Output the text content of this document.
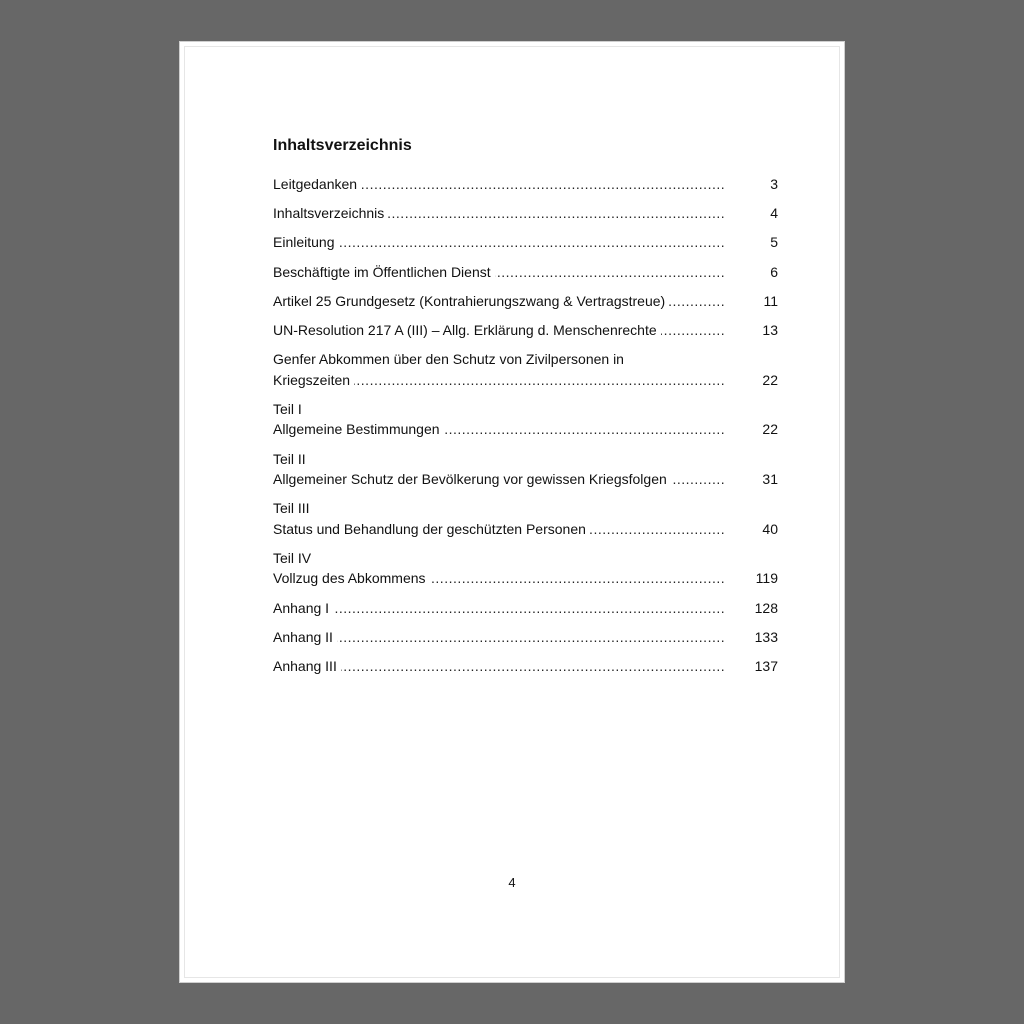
Inhaltsverzeichnis
.....
Leitgedanken	3
.....
Inhaltsverzeichnis	4
.....
Einleitung	5
.....
Beschäftigte im Öffentlichen Dienst	6
.....
Artikel 25 Grundgesetz (Kontrahierungszwang & Vertragstreue)	11
.....
UN-Resolution 217 A (III) – Allg. Erklärung d. Menschenrechte	13
Genfer Abkommen über den Schutz von Zivilpersonen in
.....
Kriegszeiten	22
Teil I
.....
Allgemeine Bestimmungen	22
Teil II
.....
Allgemeiner Schutz der Bevölkerung vor gewissen Kriegsfolgen	31
Teil III
.....
Status und Behandlung der geschützten Personen	40
Teil IV
.....
Vollzug des Abkommens	119
.....
Anhang I	128
.....
Anhang II	133
.....
Anhang III	137
4
